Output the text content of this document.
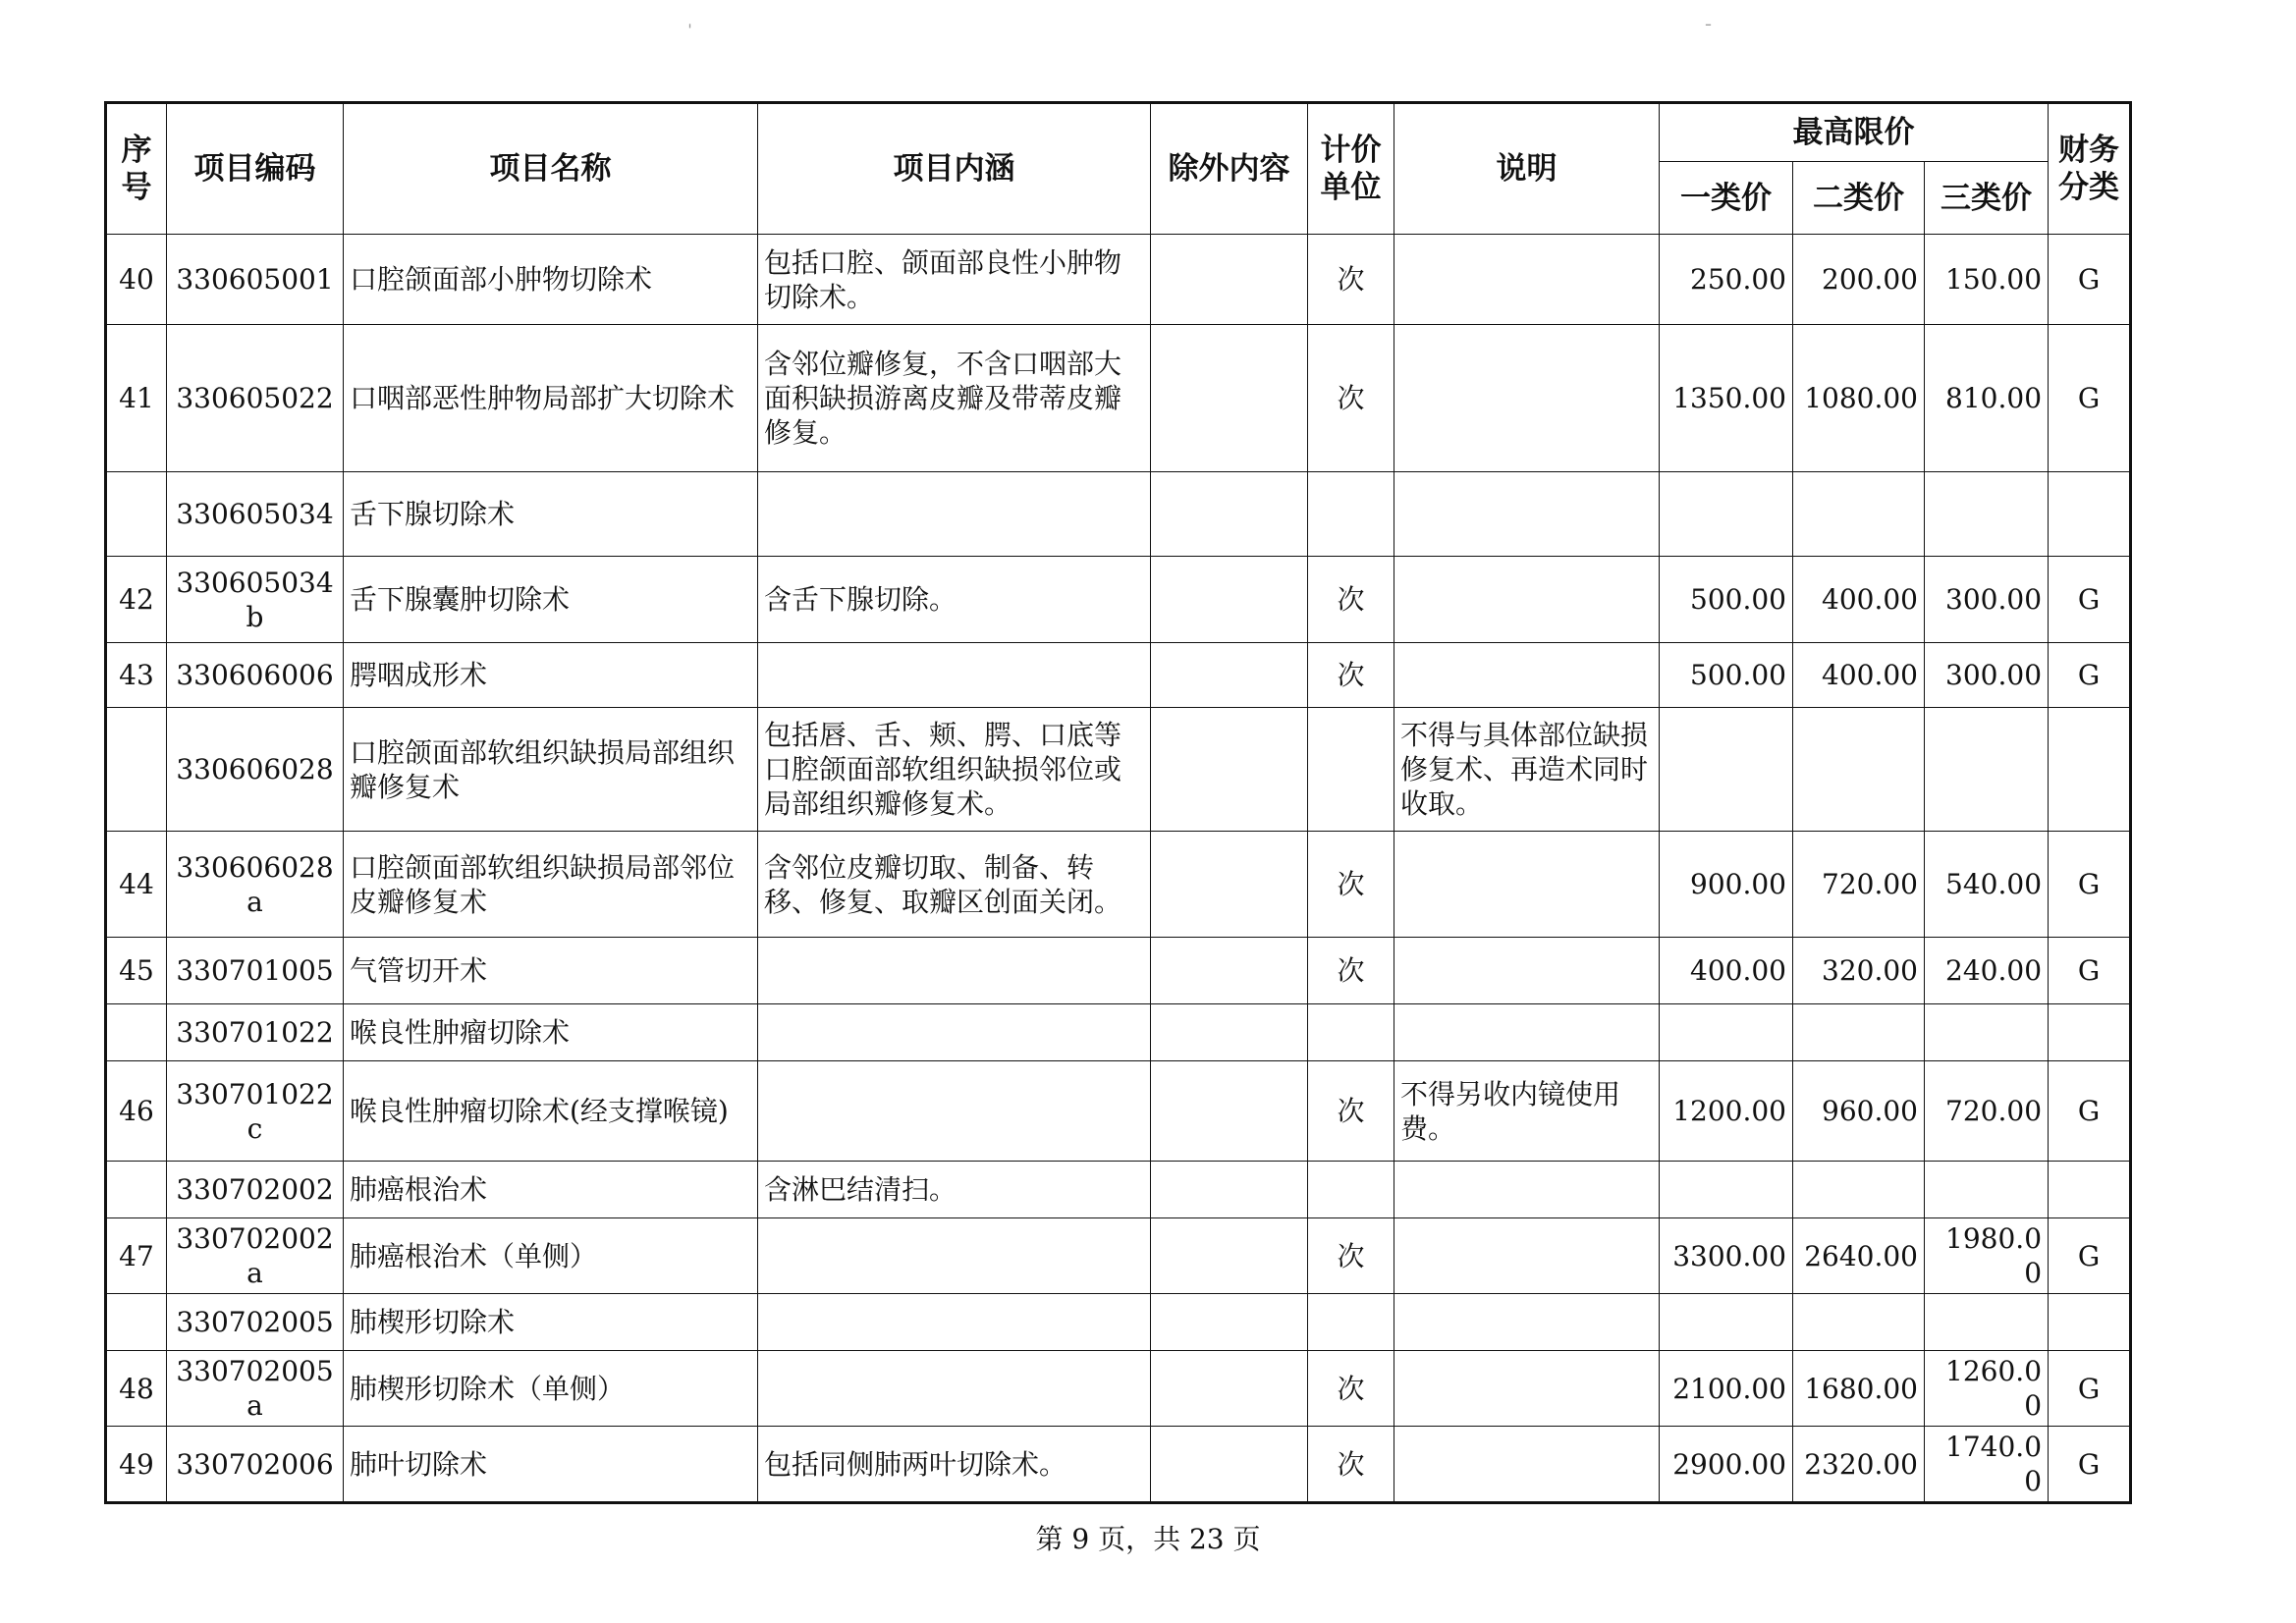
ˈ	ˉ
序号	项目编码	项目名称	项目内涵	除外内容	计价单位	说明	最高限价			财务分类
							一类价	二类价	三类价	
40	330605001	口腔颌面部小肿物切除术	包括口腔、颌面部良性小肿物切除术。		次		250.00	200.00	150.00	G
41	330605022	口咽部恶性肿物局部扩大切除术	含邻位瓣修复，不含口咽部大面积缺损游离皮瓣及带蒂皮瓣修复。		次		1350.00	1080.00	810.00	G
	330605034	舌下腺切除术								
42	330605034b	舌下腺囊肿切除术	含舌下腺切除。		次		500.00	400.00	300.00	G
43	330606006	腭咽成形术			次		500.00	400.00	300.00	G
	330606028	口腔颌面部软组织缺损局部组织瓣修复术	包括唇、舌、颊、腭、口底等口腔颌面部软组织缺损邻位或局部组织瓣修复术。			不得与具体部位缺损修复术、再造术同时收取。				
44	330606028a	口腔颌面部软组织缺损局部邻位皮瓣修复术	含邻位皮瓣切取、制备、转移、修复、取瓣区创面关闭。		次		900.00	720.00	540.00	G
45	330701005	气管切开术			次		400.00	320.00	240.00	G
	330701022	喉良性肿瘤切除术								
46	330701022c	喉良性肿瘤切除术(经支撑喉镜)			次	不得另收内镜使用费。	1200.00	960.00	720.00	G
	330702002	肺癌根治术	含淋巴结清扫。							
47	330702002a	肺癌根治术（单侧）			次		3300.00	2640.00	1980.00	G
	330702005	肺楔形切除术								
48	330702005a	肺楔形切除术（单侧）			次		2100.00	1680.00	1260.00	G
49	330702006	肺叶切除术	包括同侧肺两叶切除术。		次		2900.00	2320.00	1740.00	G
第 9 页，共 23 页
